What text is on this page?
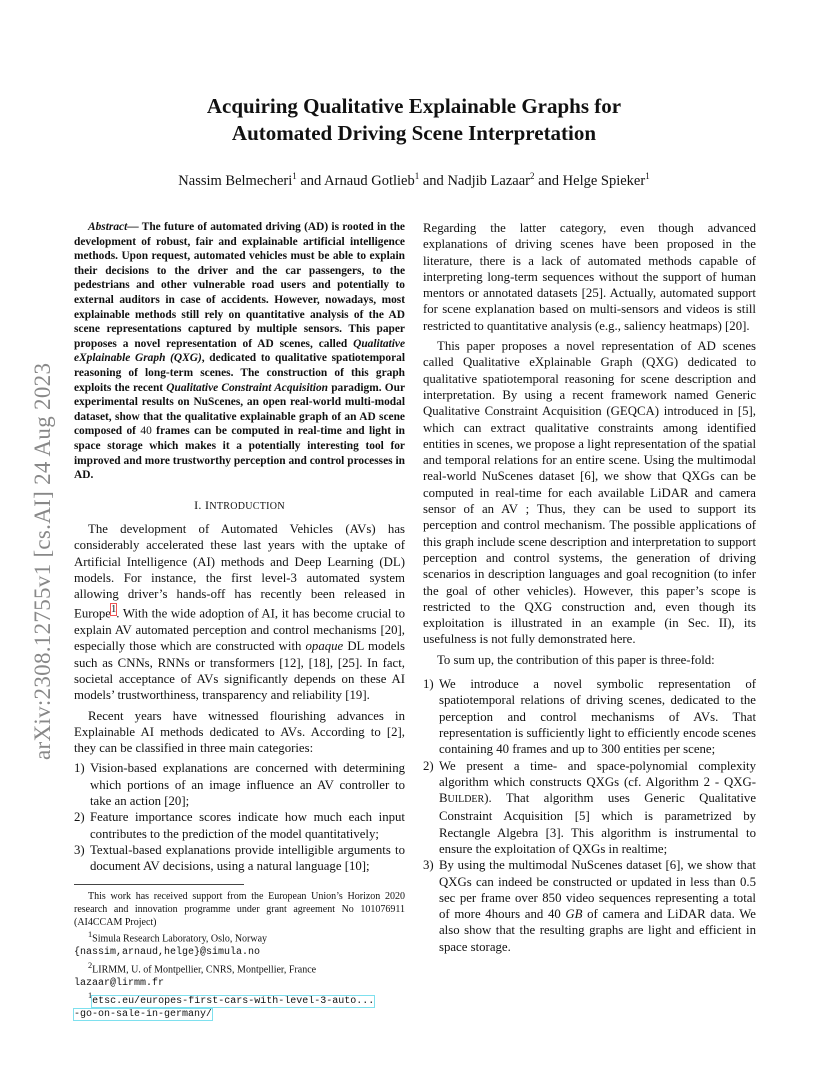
arXiv:2308.12755v1 [cs.AI] 24 Aug 2023
Acquiring Qualitative Explainable Graphs for
Automated Driving Scene Interpretation
Nassim Belmecheri$^1$ and Arnaud Gotlieb$^1$ and Nadjib Lazaar$^2$ and Helge Spieker$^1$

Abstract— The future of automated driving (AD) is rooted in the development of robust, fair and explainable artificial intelligence methods. Upon request, automated vehicles must be able to explain their decisions to the driver and the car passengers, to the pedestrians and other vulnerable road users and potentially to external auditors in case of accidents. However, nowadays, most explainable methods still rely on quantitative analysis of the AD scene representations captured by multiple sensors. This paper proposes a novel representation of AD scenes, called Qualitative eXplainable Graph (QXG), dedicated to qualitative spatiotemporal reasoning of long-term scenes. The construction of this graph exploits the recent Qualitative Constraint Acquisition paradigm. Our experimental results on NuScenes, an open real-world multi-modal dataset, show that the qualitative explainable graph of an AD scene composed of 40 frames can be computed in real-time and light in space storage which makes it a potentially interesting tool for improved and more trustworthy perception and control processes in AD.

I. INTRODUCTION

The development of Automated Vehicles (AVs) has considerably accelerated these last years with the uptake of Artificial Intelligence (AI) methods and Deep Learning (DL) models. For instance, the first level-3 automated system allowing driver’s hands-off has recently been released in Europe$^1$. With the wide adoption of AI, it has become crucial to explain AV automated perception and control mechanisms [20], especially those which are constructed with opaque DL models such as CNNs, RNNs or transformers [12], [18], [25]. In fact, societal acceptance of AVs significantly depends on these AI models’ trustworthiness, transparency and reliability [19].

Recent years have witnessed flourishing advances in Explainable AI methods dedicated to AVs. According to [2], they can be classified in three main categories:

1) Vision-based explanations are concerned with determining which portions of an image influence an AV controller to take an action [20];
2) Feature importance scores indicate how much each input contributes to the prediction of the model quantitatively;
3) Textual-based explanations provide intelligible arguments to document AV decisions, using a natural language [10];

This work has received support from the European Union’s Horizon 2020 research and innovation programme under grant agreement No 101076911 (AI4CCAM Project)

$^1$Simula Research Laboratory, Oslo, Norway

{nassim,arnaud,helge}@simula.no

$^2$LIRMM, U. of Montpellier, CNRS, Montpellier, France

lazaar@lirmm.fr

$^1$etsc.eu/europes-first-cars-with-level-3-auto...

-go-on-sale-in-germany/

Regarding the latter category, even though advanced explanations of driving scenes have been proposed in the literature, there is a lack of automated methods capable of interpreting long-term sequences without the support of human mentors or annotated datasets [25]. Actually, automated support for scene explanation based on multi-sensors and videos is still restricted to quantitative analysis (e.g., saliency heatmaps) [20].

This paper proposes a novel representation of AD scenes called Qualitative eXplainable Graph (QXG) dedicated to qualitative spatiotemporal reasoning for scene description and interpretation. By using a recent framework named Generic Qualitative Constraint Acquisition (GEQCA) introduced in [5], which can extract qualitative constraints among identified entities in scenes, we propose a light representation of the spatial and temporal relations for an entire scene. Using the multimodal real-world NuScenes dataset [6], we show that QXGs can be computed in real-time for each available LiDAR and camera sensor of an AV ; Thus, they can be used to support its perception and control mechanism. The possible applications of this graph include scene description and interpretation to support perception and control systems, the generation of driving scenarios in description languages and goal recognition (to infer the goal of other vehicles). However, this paper’s scope is restricted to the QXG construction and, even though its exploitation is illustrated in an example (in Sec. II), its usefulness is not fully demonstrated here.

To sum up, the contribution of this paper is three-fold:

1) We introduce a novel symbolic representation of spatiotemporal relations of driving scenes, dedicated to the perception and control mechanisms of AVs. That representation is sufficiently light to efficiently encode scenes containing 40 frames and up to 300 entities per scene;
2) We present a time- and space-polynomial complexity algorithm which constructs QXGs (cf. Algorithm 2 - QXG-BUILDER). That algorithm uses Generic Qualitative Constraint Acquisition [5] which is parametrized by Rectangle Algebra [3]. This algorithm is instrumental to ensure the exploitation of QXGs in realtime;
3) By using the multimodal NuScenes dataset [6], we show that QXGs can indeed be constructed or updated in less than 0.5 sec per frame over 850 video sequences representing a total of more 4hours and 40 GB of camera and LiDAR data. We also show that the resulting graphs are light and efficient in space storage.
